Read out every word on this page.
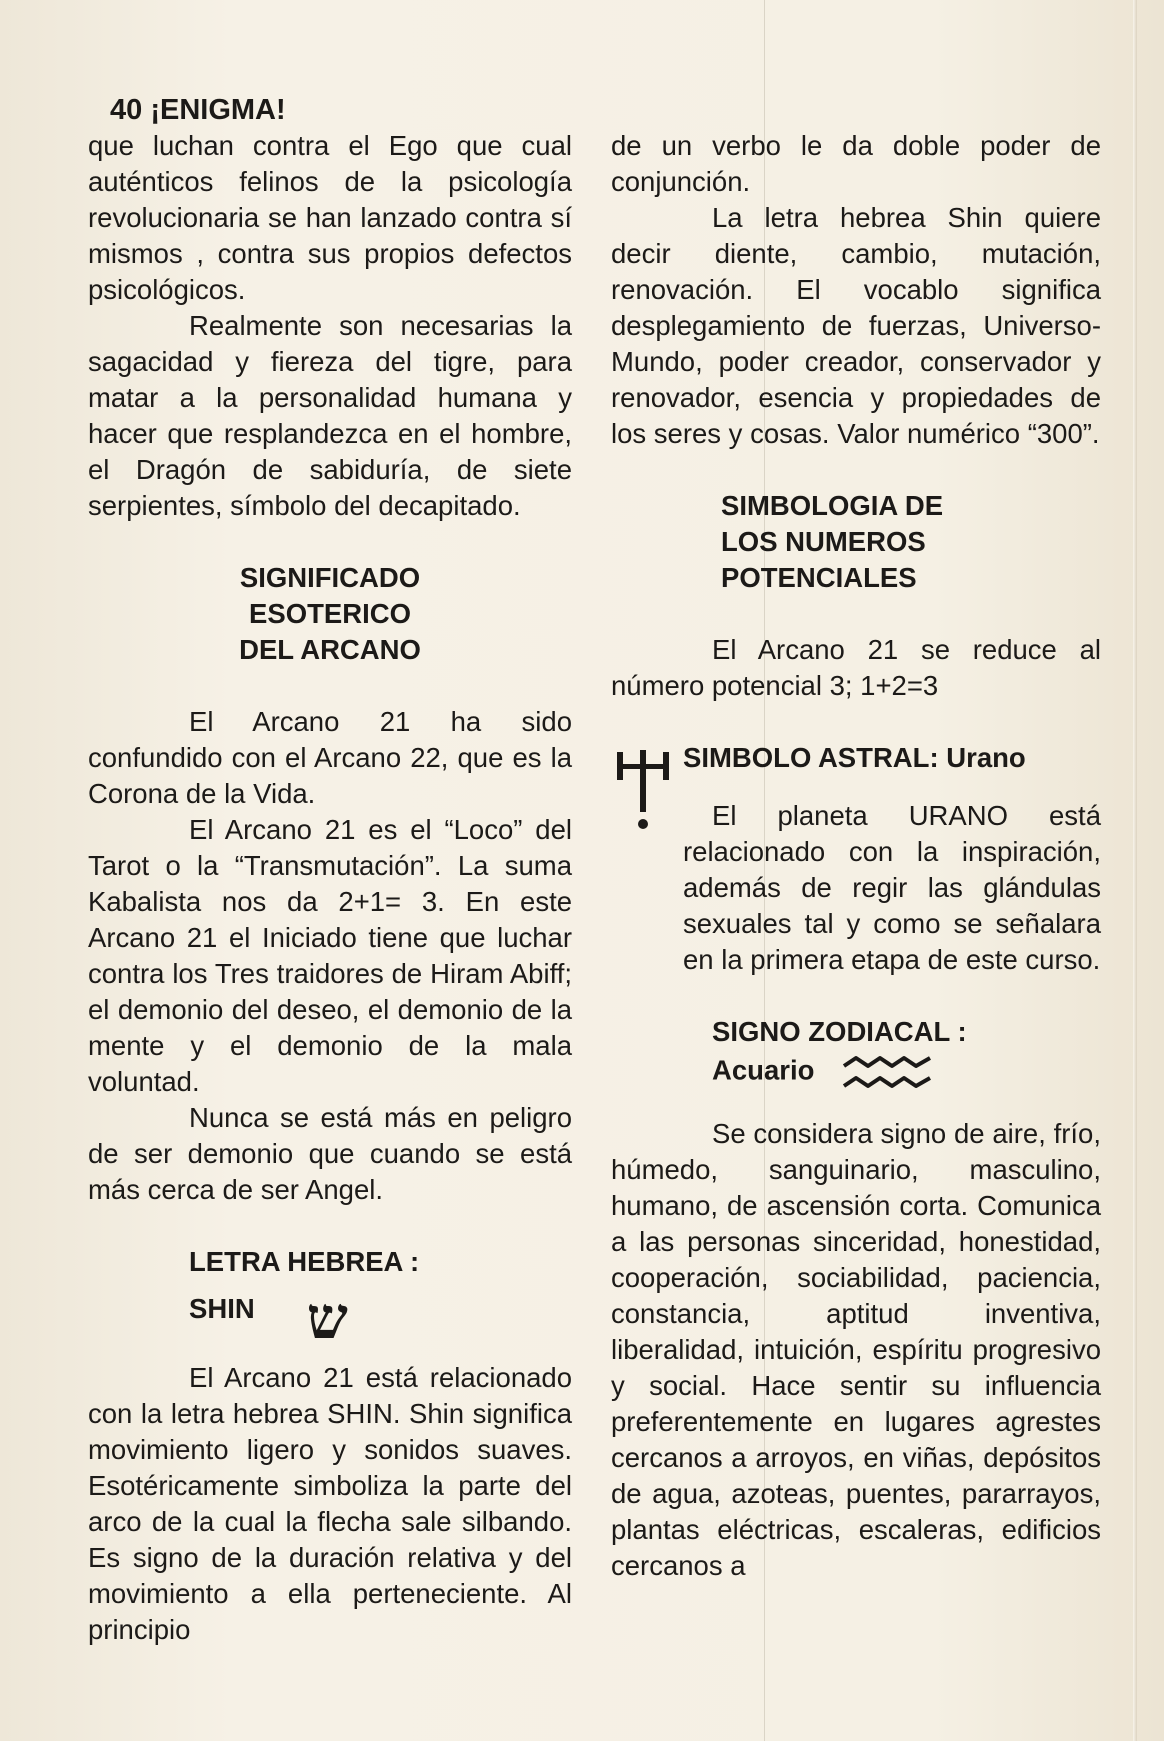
40 ¡ENIGMA!

que luchan contra el Ego que cual auténticos felinos de la psicología revolucionaria se han lanzado contra sí mismos , contra sus propios defectos psicológicos.

Realmente son necesarias la sagacidad y fiereza del tigre, para matar a la personalidad humana y hacer que resplandezca en el hombre, el Dragón de sabiduría, de siete serpientes, símbolo del decapitado.

SIGNIFICADO
ESOTERICO
DEL ARCANO

El Arcano 21 ha sido confundido con el Arcano 22, que es la Corona de la Vida.

El Arcano 21 es el “Loco” del Tarot o la “Transmutación”. La suma Kabalista nos da 2+1= 3. En este Arcano 21 el Iniciado tiene que luchar contra los Tres traidores de Hiram Abiff; el demonio del deseo, el demonio de la mente y el demonio de la mala voluntad.

Nunca se está más en peligro de ser demonio que cuando se está más cerca de ser Angel.

LETRA HEBREA :
SHIN ש

El Arcano 21 está relacionado con la letra hebrea SHIN. Shin significa movimiento ligero y sonidos suaves. Esotéricamente simboliza la parte del arco de la cual la flecha sale silbando. Es signo de la duración relativa y del movimiento a ella perteneciente. Al principio

de un verbo le da doble poder de conjunción.

La letra hebrea Shin quiere decir diente, cambio, mutación, renovación. El vocablo significa desplegamiento de fuerzas, Universo-Mundo, poder creador, conservador y renovador, esencia y propiedades de los seres y cosas. Valor numérico “300”.

SIMBOLOGIA DE
LOS NUMEROS
POTENCIALES

El Arcano 21 se reduce al número potencial 3; 1+2=3

SIMBOLO ASTRAL: Urano

El planeta URANO está relacionado con la inspiración, además de regir las glándulas sexuales tal y como se señalara en la primera etapa de este curso.

SIGNO ZODIACAL :
Acuario

Se considera signo de aire, frío, húmedo, sanguinario, masculino, humano, de ascensión corta. Comunica a las personas sinceridad, honestidad, cooperación, sociabilidad, paciencia, constancia, aptitud inventiva, liberalidad, intuición, espíritu progresivo y social. Hace sentir su influencia preferentemente en lugares agrestes cercanos a arroyos, en viñas, depósitos de agua, azoteas, puentes, pararrayos, plantas eléctricas, escaleras, edificios cercanos a
